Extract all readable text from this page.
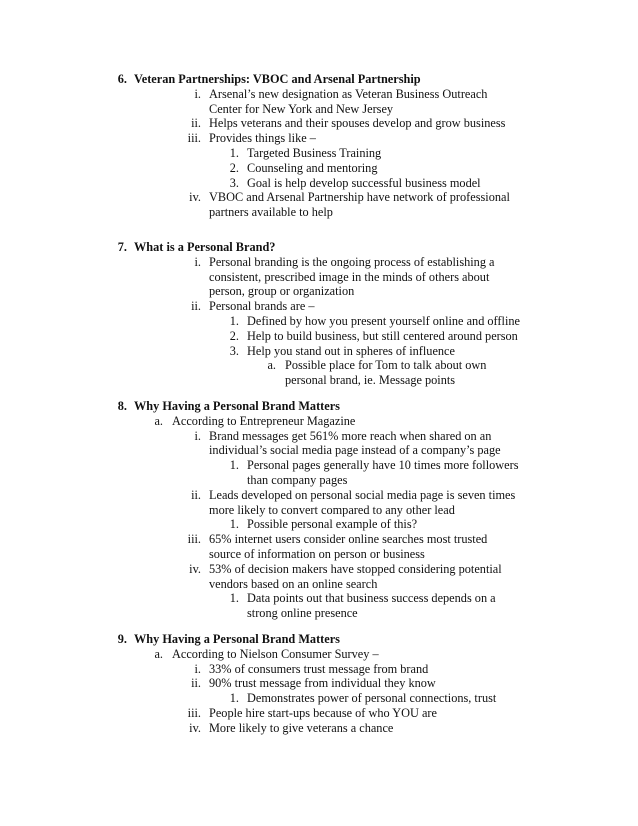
6. Veteran Partnerships: VBOC and Arsenal Partnership
i. Arsenal’s new designation as Veteran Business Outreach
Center for New York and New Jersey
ii. Helps veterans and their spouses develop and grow business
iii. Provides things like –
1. Targeted Business Training
2. Counseling and mentoring
3. Goal is help develop successful business model
iv. VBOC and Arsenal Partnership have network of professional
partners available to help
7. What is a Personal Brand?
i. Personal branding is the ongoing process of establishing a
consistent, prescribed image in the minds of others about
person, group or organization
ii. Personal brands are –
1. Defined by how you present yourself online and offline
2. Help to build business, but still centered around person
3. Help you stand out in spheres of influence
a. Possible place for Tom to talk about own
personal brand, ie. Message points
8. Why Having a Personal Brand Matters
a. According to Entrepreneur Magazine
i. Brand messages get 561% more reach when shared on an
individual’s social media page instead of a company’s page
1. Personal pages generally have 10 times more followers
than company pages
ii. Leads developed on personal social media page is seven times
more likely to convert compared to any other lead
1. Possible personal example of this?
iii. 65% internet users consider online searches most trusted
source of information on person or business
iv. 53% of decision makers have stopped considering potential
vendors based on an online search
1. Data points out that business success depends on a
strong online presence
9. Why Having a Personal Brand Matters
a. According to Nielson Consumer Survey –
i. 33% of consumers trust message from brand
ii. 90% trust message from individual they know
1. Demonstrates power of personal connections, trust
iii. People hire start-ups because of who YOU are
iv. More likely to give veterans a chance
